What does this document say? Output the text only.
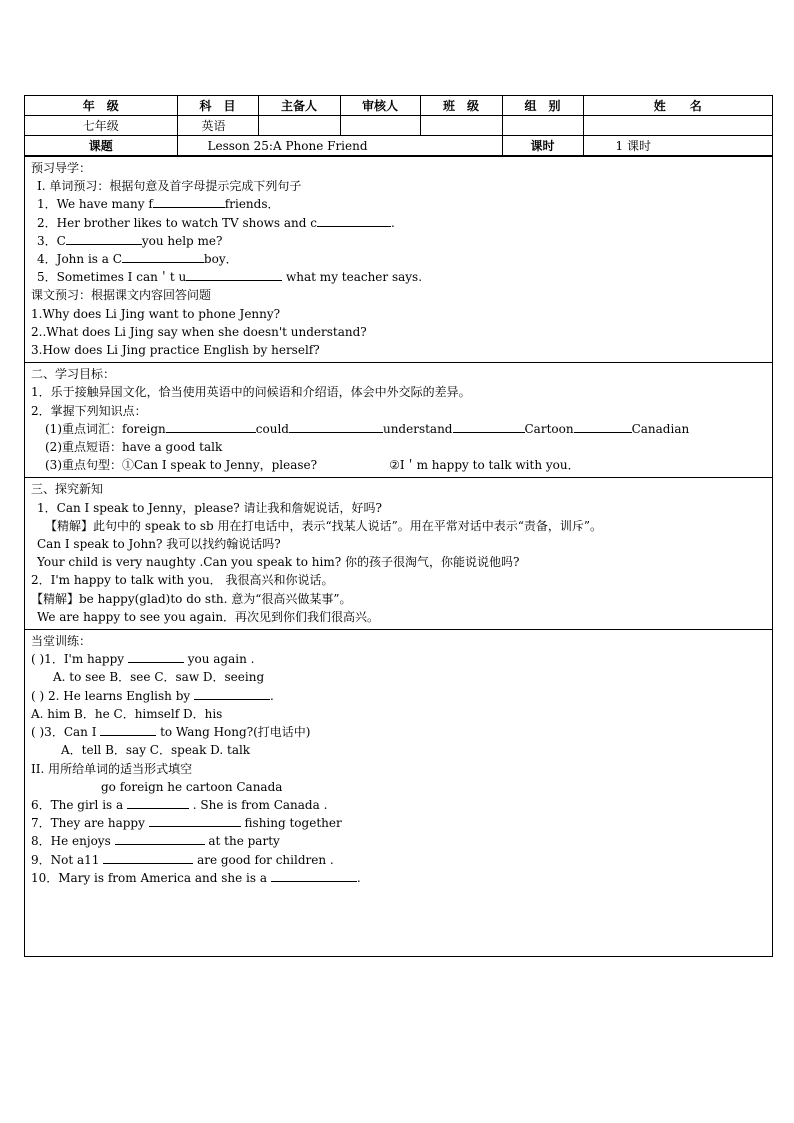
年　级	科　目	主备人	审核人	班　级	组　别	姓　　名
七年级	英语					
课题	Lesson 25:A Phone Friend				课时	1 课时
预习导学：
Ⅰ. 单词预习：根据句意及首字母提示完成下列句子
1．We have many f	friends．
2．Her brother likes to watch TV shows and c	.
3．C	you help me?
4．John is a C	boy．
5．Sometimes I can＇t u	what my teacher says.
课文预习：根据课文内容回答问题
1.Why does Li Jing want to phone Jenny?
2..What does Li Jing say when she doesn't understand?
3.How does Li Jing practice English by herself?
二、学习目标：
1．乐于接触异国文化，恰当使用英语中的问候语和介绍语，体会中外交际的差异。
2．掌握下列知识点：
(1)重点词汇：foreign	could	understand	Cartoon	Canadian
(2)重点短语：have a good talk
(3)重点句型：①Can I speak to Jenny，please?	②I＇m happy to talk with you．
三、探究新知
1．Can I speak to Jenny，please? 请让我和詹妮说话，好吗?
【精解】此句中的 speak to sb 用在打电话中，表示“找某人说话”。用在平常对话中表示“责备，训斥”。
Can I speak to John? 我可以找约翰说话吗?
Your child is very naughty .Can you speak to him? 你的孩子很淘气，你能说说他吗?
2．I'm happy to talk with you． 我很高兴和你说话。
【精解】be happy(glad)to do sth. 意为“很高兴做某事”。
We are happy to see you again．再次见到你们我们很高兴。
当堂训练：
( )1．I'm happy	you again .
A. to see B．see C．saw D．seeing
( ) 2. He learns English by	.
A. him B．he C．himself D．his
( )3．Can I	to Wang Hong?(打电话中)
A．tell B．say C．speak D. talk
II. 用所给单词的适当形式填空
go foreign he cartoon Canada
6．The girl is a	. She is from Canada .
7．They are happy	fishing together
8．He enjoys	at the party
9．Not a11	are good for children .
10．Mary is from America and she is a	.
